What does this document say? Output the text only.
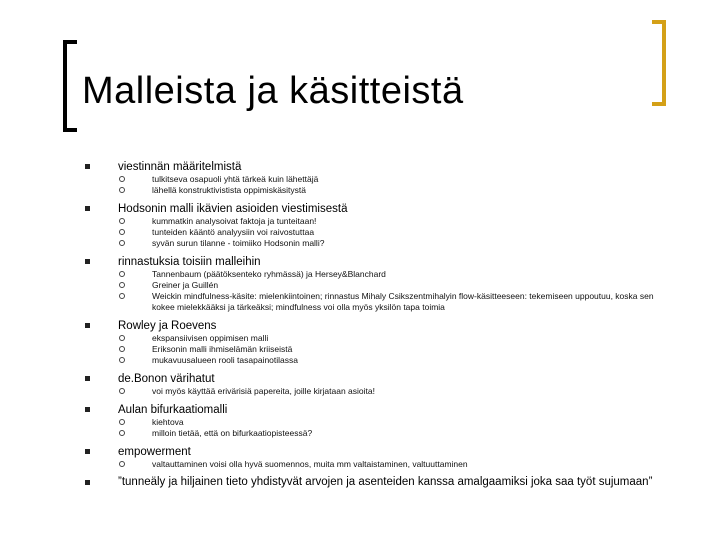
Malleista ja käsitteistä
viestinnän määritelmistä
tulkitseva osapuoli yhtä tärkeä kuin lähettäjä
lähellä konstruktivistista oppimiskäsitystä
Hodsonin malli ikävien asioiden viestimisestä
kummatkin analysoivat faktoja ja tunteitaan!
tunteiden kääntö analyysiin voi raivostuttaa
syvän surun tilanne - toimiiko Hodsonin malli?
rinnastuksia toisiin malleihin
Tannenbaum (päätöksenteko ryhmässä) ja Hersey&Blanchard
Greiner ja Guillén
Weickin mindfulness-käsite: mielenkiintoinen; rinnastus Mihaly Csikszentmihalyin flow-käsitteeseen: tekemiseen uppoutuu, koska sen kokee mielekkääksi ja tärkeäksi; mindfulness voi olla myös yksilön tapa toimia
Rowley ja Roevens
ekspansiivisen oppimisen malli
Eriksonin malli ihmiselämän kriiseistä
mukavuusalueen rooli tasapainotilassa
de.Bonon värihatut
voi myös käyttää erivärisiä papereita, joille kirjataan asioita!
Aulan bifurkaatiomalli
kiehtova
milloin tietää, että on bifurkaatiopisteessä?
empowerment
valtauttaminen voisi olla hyvä suomennos, muita mm valtaistaminen, valtuuttaminen
”tunneäly ja hiljainen tieto yhdistyvät arvojen ja asenteiden kanssa amalgaamiksi joka saa työt sujumaan”
